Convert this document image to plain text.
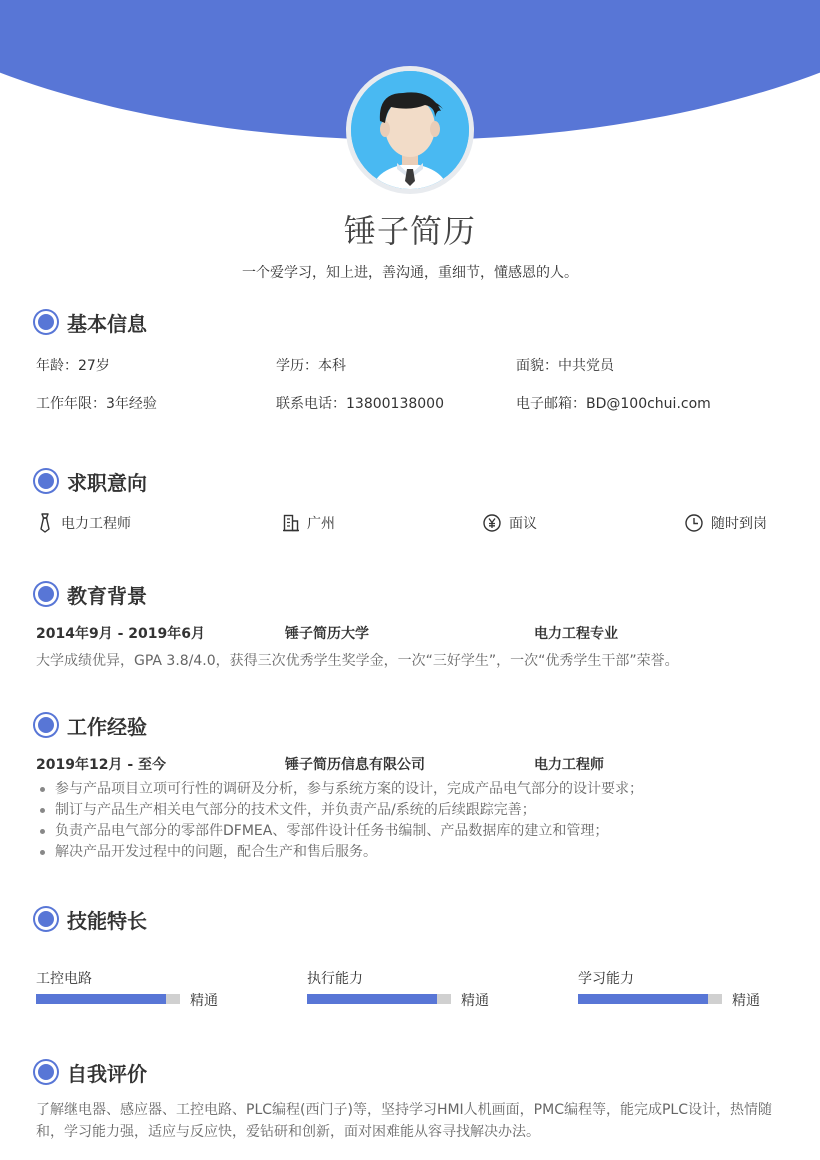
锤子简历
一个爱学习，知上进，善沟通，重细节，懂感恩的人。
基本信息
年龄：27岁	学历：本科	面貌：中共党员
工作年限：3年经验	联系电话：13800138000	电子邮箱：BD@100chui.com
求职意向
电力工程师	广州	面议	随时到岗
教育背景
2014年9月 - 2019年6月	锤子简历大学	电力工程专业
大学成绩优异，GPA 3.8/4.0，获得三次优秀学生奖学金，一次“三好学生”，一次“优秀学生干部”荣誉。
工作经验
2019年12月 - 至今	锤子简历信息有限公司	电力工程师
参与产品项目立项可行性的调研及分析，参与系统方案的设计，完成产品电气部分的设计要求；
制订与产品生产相关电气部分的技术文件，并负责产品/系统的后续跟踪完善；
负责产品电气部分的零部件DFMEA、零部件设计任务书编制、产品数据库的建立和管理；
解决产品开发过程中的问题，配合生产和售后服务。
技能特长
工控电路
精通
执行能力
精通
学习能力
精通
自我评价
了解继电器、感应器、工控电路、PLC编程(西门子)等，坚持学习HMI人机画面，PMC编程等，能完成PLC设计，热情随和，学习能力强，适应与反应快，爱钻研和创新，面对困难能从容寻找解决办法。
